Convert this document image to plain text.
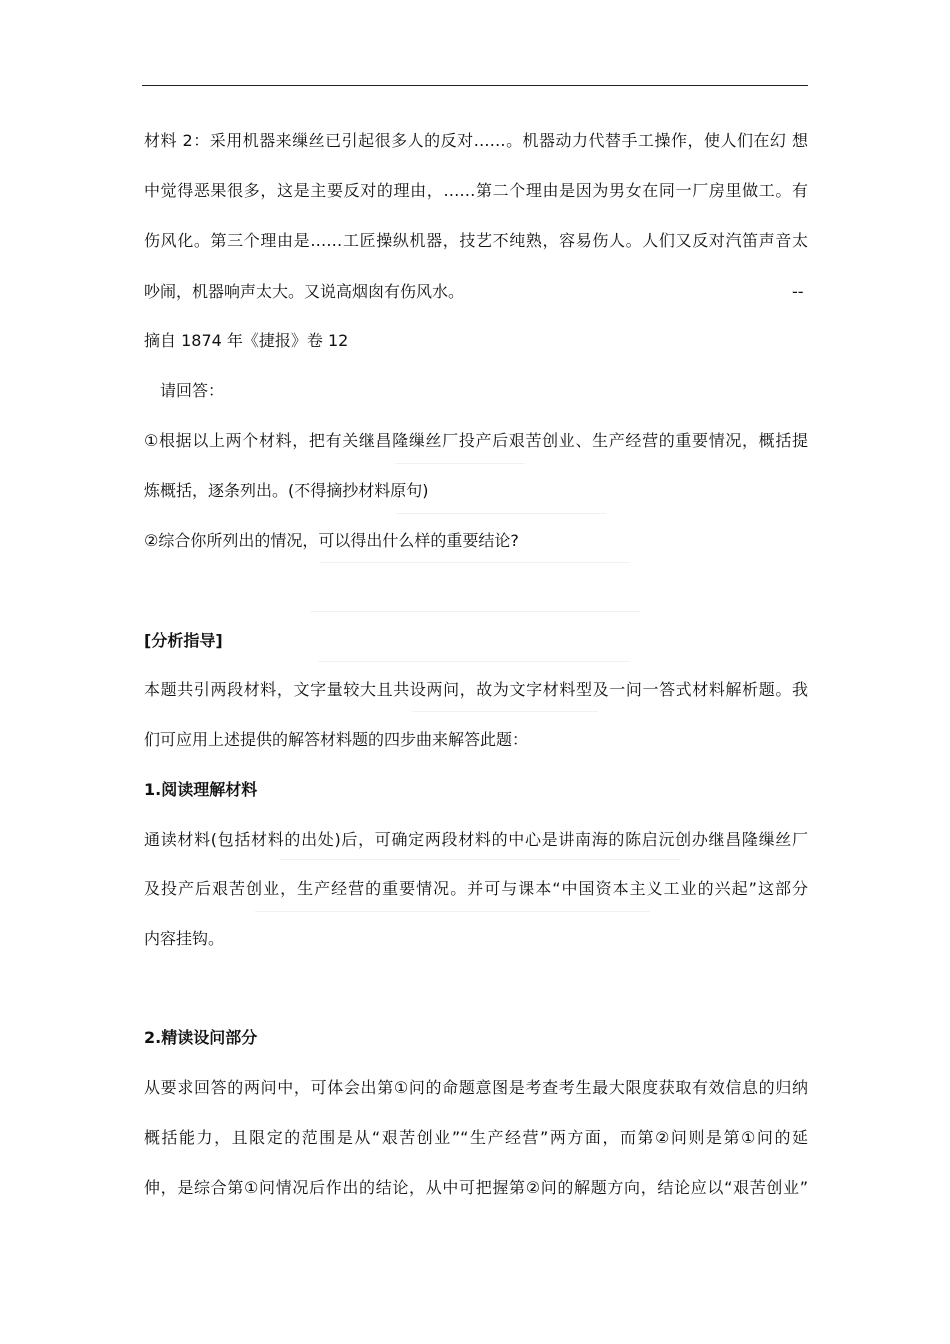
材料 2：采用机器来缫丝已引起很多人的反对……。机器动力代替手工操作，使人们在幻 想
中觉得恶果很多，这是主要反对的理由，……第二个理由是因为男女在同一厂房里做工。有
伤风化。第三个理由是……工匠操纵机器，技艺不纯熟，容易伤人。人们又反对汽笛声音太
吵闹，机器响声太大。又说高烟囱有伤风水。	--
摘自 1874 年《捷报》卷 12
请回答：
①根据以上两个材料，把有关继昌隆缫丝厂投产后艰苦创业、生产经营的重要情况，概括提
炼概括，逐条列出。(不得摘抄材料原句)
②综合你所列出的情况，可以得出什么样的重要结论?
[分析指导]
本题共引两段材料，文字量较大且共设两问，故为文字材料型及一问一答式材料解析题。我
们可应用上述提供的解答材料题的四步曲来解答此题：
1.阅读理解材料
通读材料(包括材料的出处)后，可确定两段材料的中心是讲南海的陈启沅创办继昌隆缫丝厂
及投产后艰苦创业，生产经营的重要情况。并可与课本“中国资本主义工业的兴起”这部分
内容挂钩。
2.精读设问部分
从要求回答的两问中，可体会出第①问的命题意图是考查考生最大限度获取有效信息的归纳
概括能力，且限定的范围是从“艰苦创业”“生产经营”两方面，而第②问则是第①问的延
伸，是综合第①问情况后作出的结论，从中可把握第②问的解题方向，结论应以“艰苦创业”
